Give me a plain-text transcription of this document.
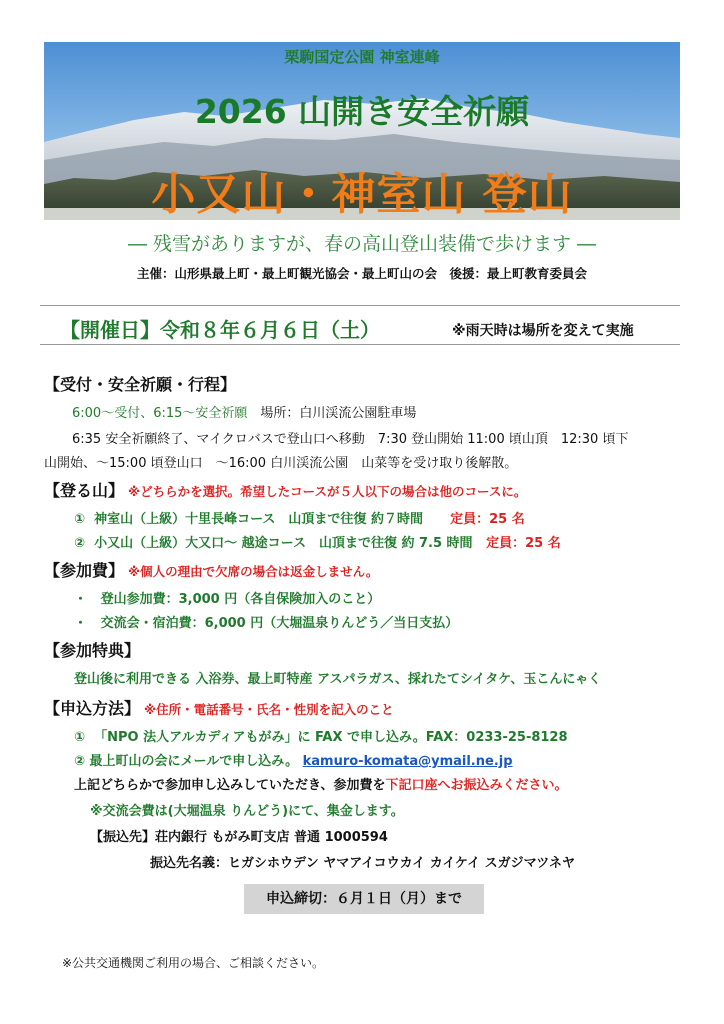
栗駒国定公園 神室連峰
2026 山開き安全祈願
小又山・神室山 登山
― 残雪がありますが、春の高山登山装備で歩けます ―
主催：山形県最上町・最上町観光協会・最上町山の会　後援：最上町教育委員会
【開催日】令和８年６月６日（土）	※雨天時は場所を変えて実施
【受付・安全祈願・行程】
6:00～受付、6:15～安全祈願　場所：白川渓流公園駐車場
6:35 安全祈願終了、マイクロバスで登山口へ移動　7:30 登山開始 11:00 頃山頂　12:30 頃下
山開始、～15:00 頃登山口　～16:00 白川渓流公園　山菜等を受け取り後解散。
【登る山】 ※どちらかを選択。希望したコースが５人以下の場合は他のコースに。
① 神室山（上級）十里長峰コース　山頂まで往復 約７時間 定員：25 名
② 小又山（上級）大又口～ 越途コース　山頂まで往復 約 7.5 時間 定員：25 名
【参加費】 ※個人の理由で欠席の場合は返金しません。
・ 登山参加費：3,000 円（各自保険加入のこと）
・ 交流会・宿泊費：6,000 円（大堀温泉りんどう／当日支払）
【参加特典】
登山後に利用できる 入浴券、最上町特産 アスパラガス、採れたてシイタケ、玉こんにゃく
【申込方法】 ※住所・電話番号・氏名・性別を記入のこと
① 「NPO 法人アルカディアもがみ」に FAX で申し込み。FAX：0233-25-8128
② 最上町山の会にメールで申し込み。 kamuro-komata@ymail.ne.jp
上記どちらかで参加申し込みしていただき、参加費を下記口座へお振込みください。
※交流会費は(大堀温泉 りんどう)にて、集金します。
【振込先】荘内銀行 もがみ町支店 普通 1000594
振込先名義：ヒガシホウデン ヤマアイコウカイ カイケイ スガジマツネヤ
申込締切：６月１日（月）まで
※公共交通機関ご利用の場合、ご相談ください。
